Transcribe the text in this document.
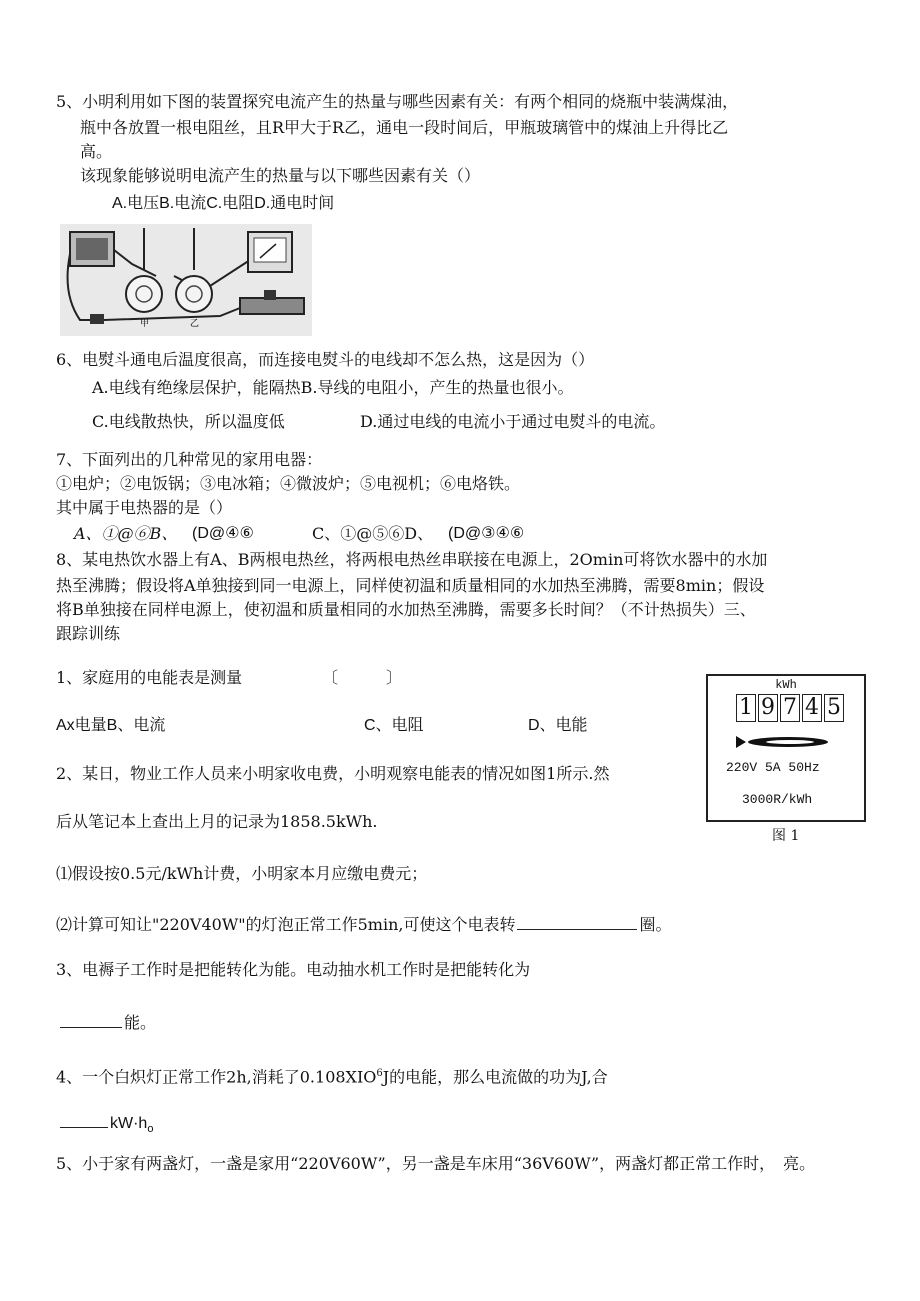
5、小明利用如下图的装置探究电流产生的热量与哪些因素有关：有两个相同的烧瓶中装满煤油，
瓶中各放置一根电阻丝，且R甲大于R乙，通电一段时间后，甲瓶玻璃管中的煤油上升得比乙
高。
该现象能够说明电流产生的热量与以下哪些因素有关（）
A.电压B.电流C.电阻D.通电时间
甲	乙
6、电熨斗通电后温度很高，而连接电熨斗的电线却不怎么热，这是因为（）
A.电线有绝缘层保护，能隔热B.导线的电阻小，产生的热量也很小。
C.电线散热快，所以温度低	D.通过电线的电流小于通过电熨斗的电流。
7、下面列出的几种常见的家用电器：
①电炉；②电饭锅；③电冰箱；④微波炉；⑤电视机；⑥电烙铁。
其中属于电热器的是（）
A、①@⑥B、 (D@④⑥	C、①@⑤⑥D、 (D@③④⑥
8、某电热饮水器上有A、B两根电热丝，将两根电热丝串联接在电源上，2Omin可将饮水器中的水加
热至沸腾；假设将A单独接到同一电源上，同样使初温和质量相同的水加热至沸腾，需要8min；假设
将B单独接在同样电源上，使初温和质量相同的水加热至沸腾，需要多长时间？（不计热损失）三、
跟踪训练
1、家庭用的电能表是测量	〔　　　〕
Ax电量B、电流	C、电阻	D、电能
kWh
1 9 7 4 5
220V 5A 50Hz
3000R/kWh
图 1
2、某日，物业工作人员来小明家收电费，小明观察电能表的情况如图1所示.然
后从笔记本上查出上月的记录为1858.5kWh.
⑴假设按0.5元/kWh计费，小明家本月应缴电费元；
⑵计算可知让"220V40W"的灯泡正常工作5min,可使这个电表转	圈。
3、电褥子工作时是把能转化为能。电动抽水机工作时是把能转化为
能。
4、一个白炽灯正常工作2h,消耗了0.108XIO$^6$J的电能，那么电流做的功为J,合
$kW\cdot h_o$
5、小于家有两盏灯，一盏是家用“220V60W”，另一盏是车床用“36V60W”，两盏灯都正常工作时，　亮。
